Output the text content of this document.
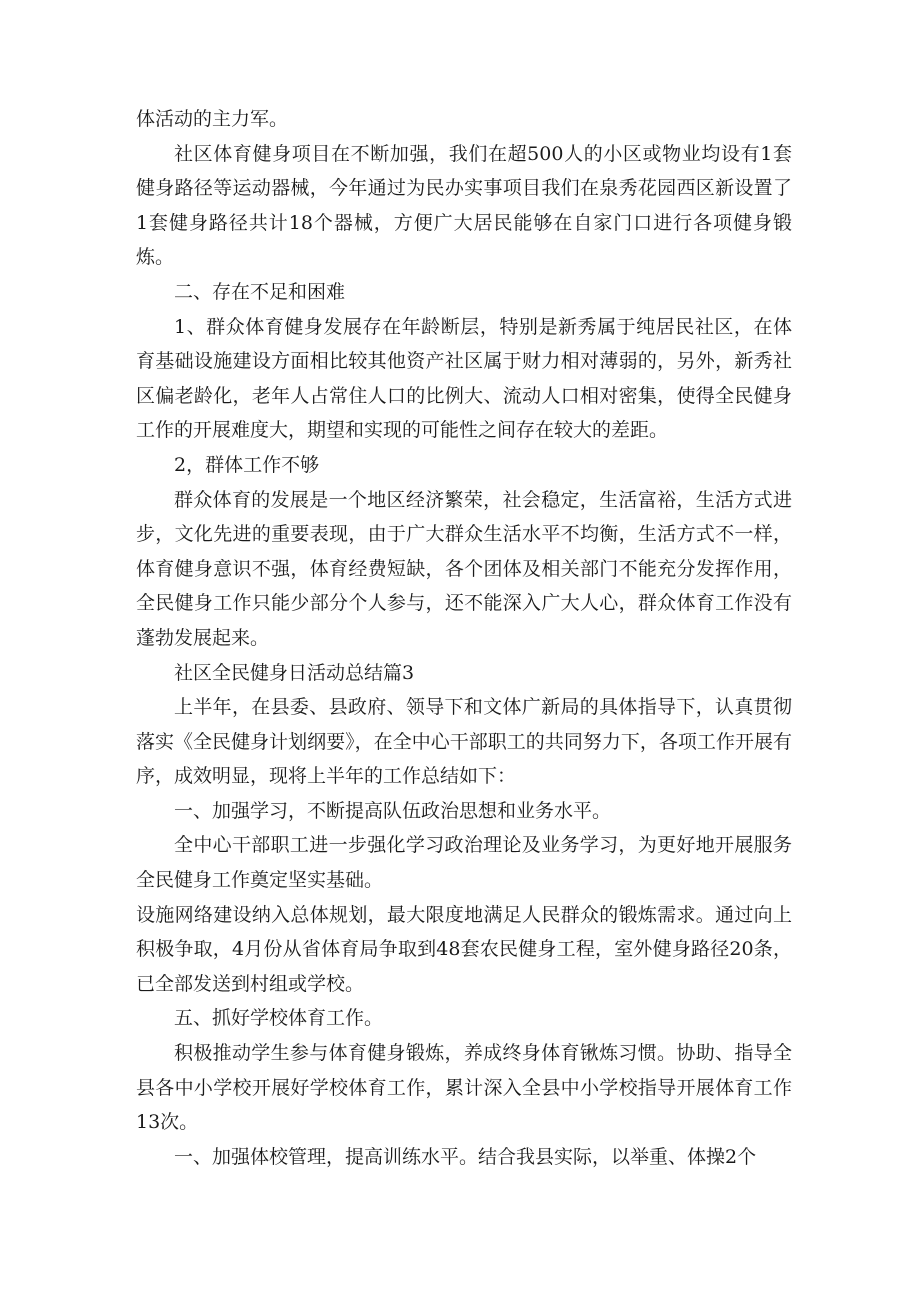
体活动的主力军。

社区体育健身项目在不断加强，我们在超500人的小区或物业均设有1套健身路径等运动器械，今年通过为民办实事项目我们在泉秀花园西区新设置了1套健身路径共计18个器械，方便广大居民能够在自家门口进行各项健身锻炼。

二、存在不足和困难

1、群众体育健身发展存在年龄断层，特别是新秀属于纯居民社区，在体育基础设施建设方面相比较其他资产社区属于财力相对薄弱的，另外，新秀社区偏老龄化，老年人占常住人口的比例大、流动人口相对密集，使得全民健身工作的开展难度大，期望和实现的可能性之间存在较大的差距。

2，群体工作不够

群众体育的发展是一个地区经济繁荣，社会稳定，生活富裕，生活方式进步，文化先进的重要表现，由于广大群众生活水平不均衡，生活方式不一样，体育健身意识不强，体育经费短缺，各个团体及相关部门不能充分发挥作用，全民健身工作只能少部分个人参与，还不能深入广大人心，群众体育工作没有蓬勃发展起来。

社区全民健身日活动总结篇3

上半年，在县委、县政府、领导下和文体广新局的具体指导下，认真贯彻落实《全民健身计划纲要》，在全中心干部职工的共同努力下，各项工作开展有序，成效明显，现将上半年的工作总结如下：

一、加强学习，不断提高队伍政治思想和业务水平。

全中心干部职工进一步强化学习政治理论及业务学习，为更好地开展服务全民健身工作奠定坚实基础。

设施网络建设纳入总体规划，最大限度地满足人民群众的锻炼需求。通过向上积极争取，4月份从省体育局争取到48套农民健身工程，室外健身路径20条，已全部发送到村组或学校。

五、抓好学校体育工作。

积极推动学生参与体育健身锻炼，养成终身体育锹炼习惯。协助、指导全县各中小学校开展好学校体育工作，累计深入全县中小学校指导开展体育工作13次。

一、加强体校管理，提高训练水平。结合我县实际，以举重、体操2个
